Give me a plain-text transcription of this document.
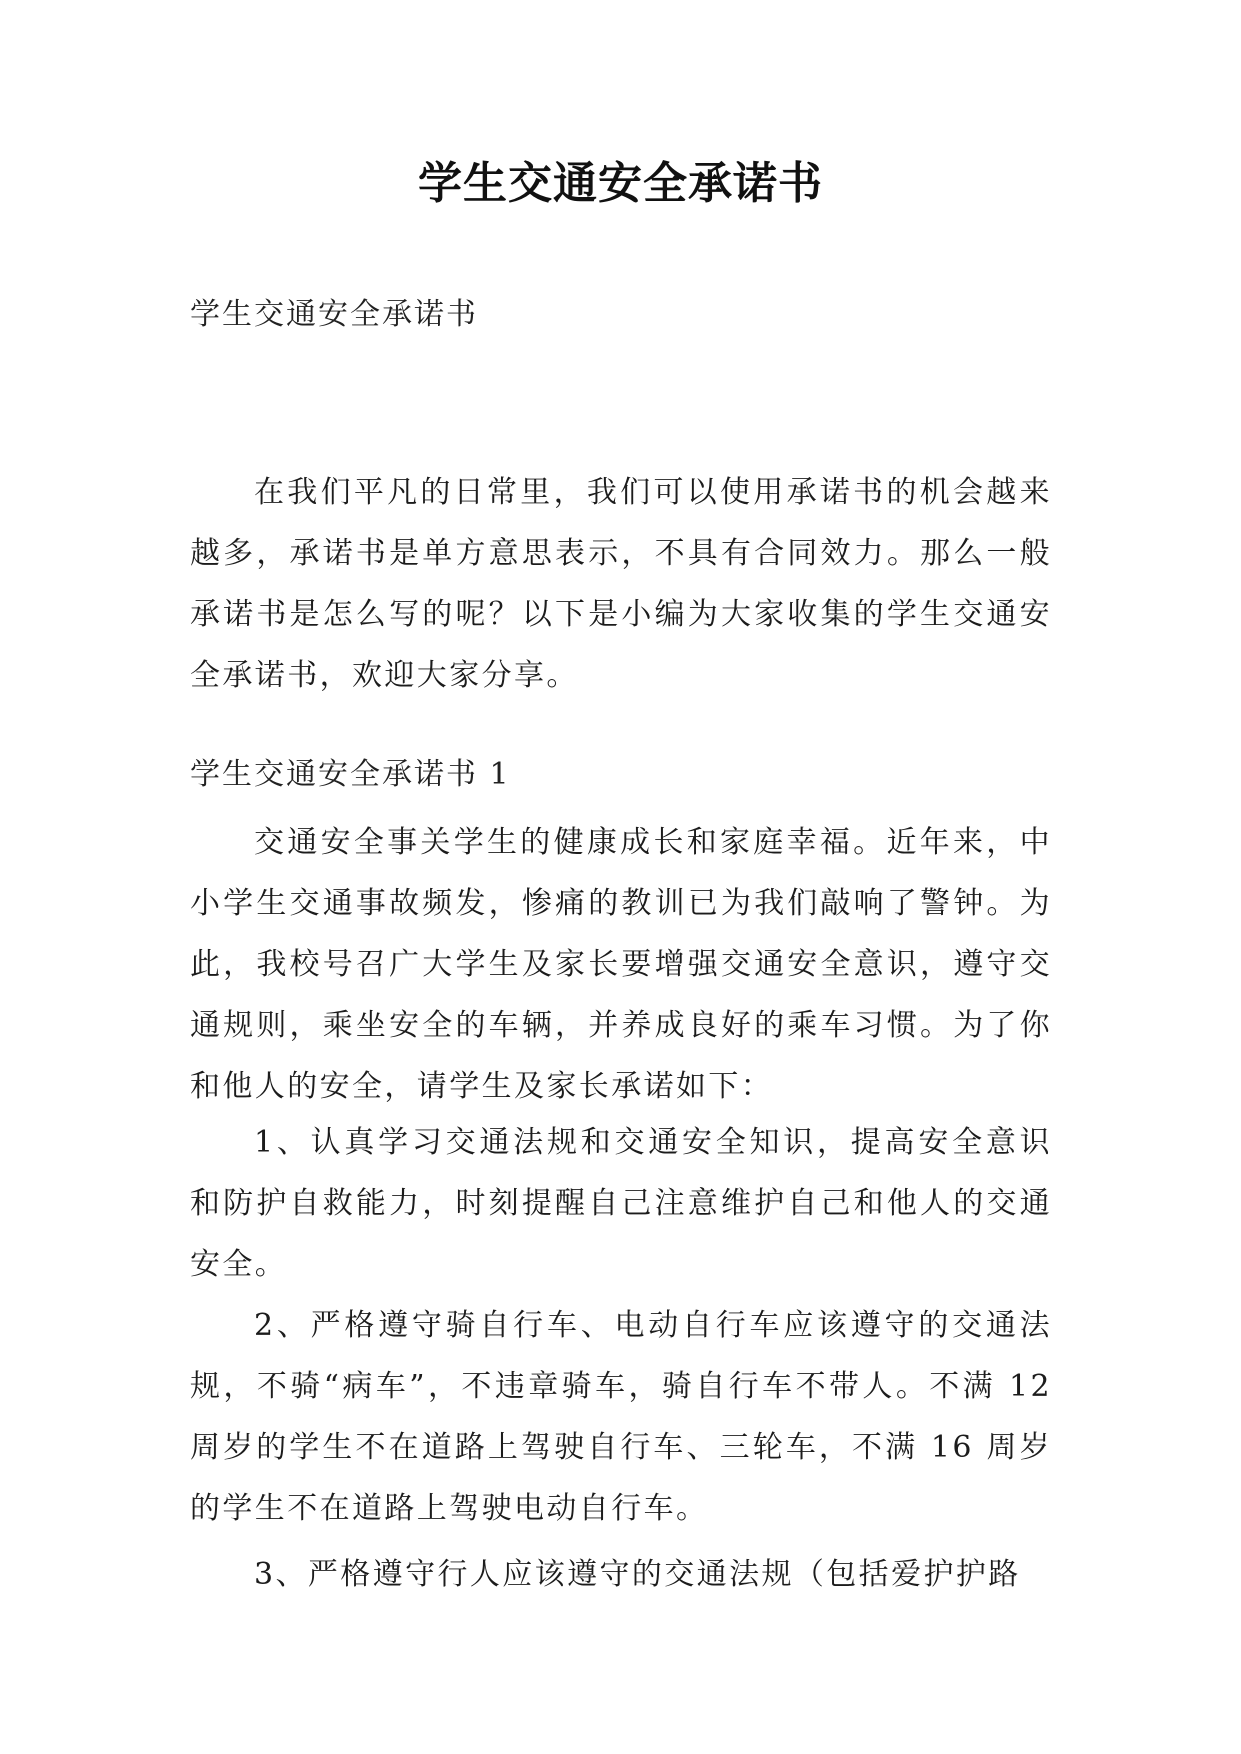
学生交通安全承诺书
学生交通安全承诺书

在我们平凡的日常里，我们可以使用承诺书的机会越来越多，承诺书是单方意思表示，不具有合同效力。那么一般承诺书是怎么写的呢？以下是小编为大家收集的学生交通安全承诺书，欢迎大家分享。

学生交通安全承诺书 1

交通安全事关学生的健康成长和家庭幸福。近年来，中小学生交通事故频发，惨痛的教训已为我们敲响了警钟。为此，我校号召广大学生及家长要增强交通安全意识，遵守交通规则，乘坐安全的车辆，并养成良好的乘车习惯。为了你和他人的安全，请学生及家长承诺如下：

1、认真学习交通法规和交通安全知识，提高安全意识和防护自救能力，时刻提醒自己注意维护自己和他人的交通安全。

2、严格遵守骑自行车、电动自行车应该遵守的交通法规，不骑“病车”，不违章骑车，骑自行车不带人。不满 12 周岁的学生不在道路上驾驶自行车、三轮车，不满 16 周岁的学生不在道路上驾驶电动自行车。

3、严格遵守行人应该遵守的交通法规（包括爱护护路
